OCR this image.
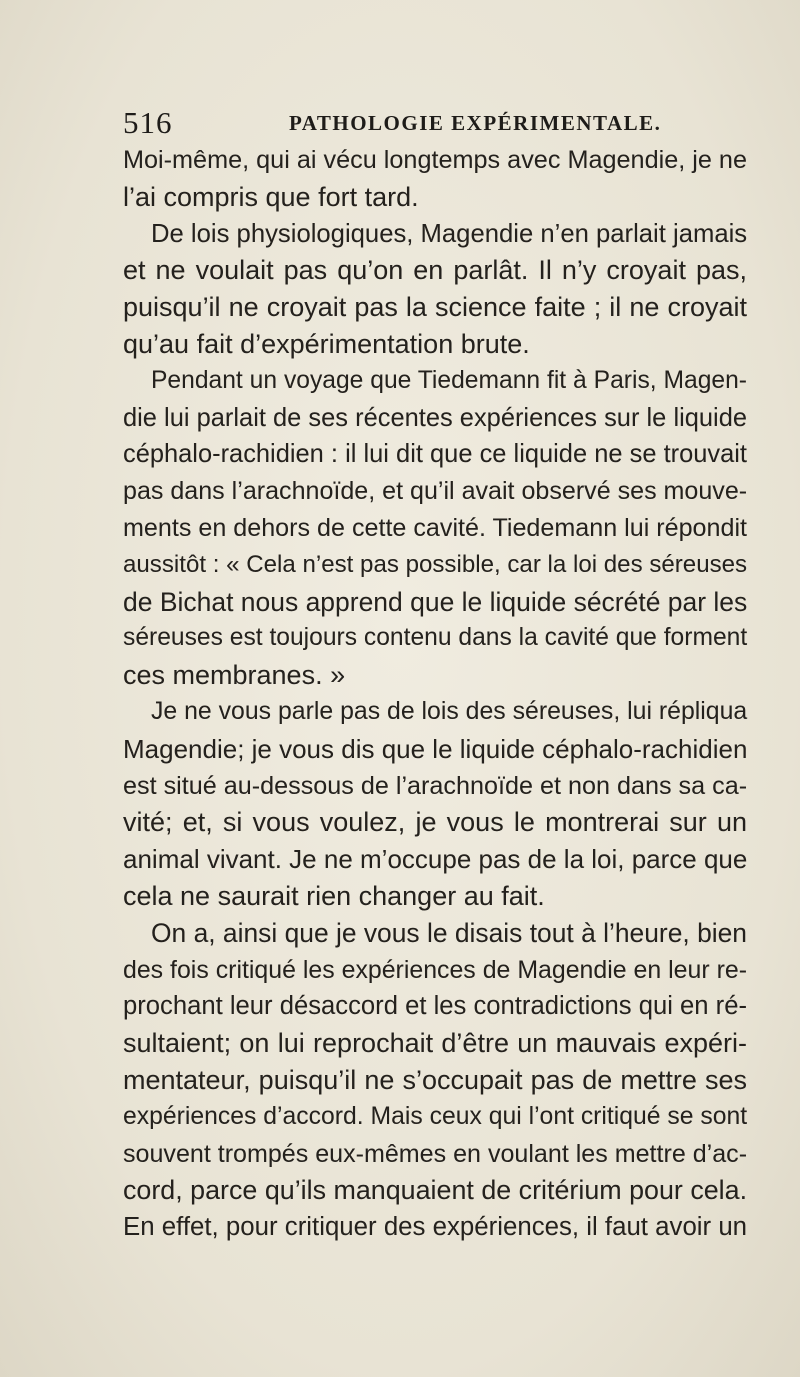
516	PATHOLOGIE EXPÉRIMENTALE.
Moi-même, qui ai vécu longtemps avec Magendie, je ne
l’ai compris que fort tard.
De lois physiologiques, Magendie n’en parlait jamais
et ne voulait pas qu’on en parlât. Il n’y croyait pas,
puisqu’il ne croyait pas la science faite ; il ne croyait
qu’au fait d’expérimentation brute.
Pendant un voyage que Tiedemann fit à Paris, Magen-
die lui parlait de ses récentes expériences sur le liquide
céphalo-rachidien : il lui dit que ce liquide ne se trouvait
pas dans l’arachnoïde, et qu’il avait observé ses mouve-
ments en dehors de cette cavité. Tiedemann lui répondit
aussitôt : « Cela n’est pas possible, car la loi des séreuses
de Bichat nous apprend que le liquide sécrété par les
séreuses est toujours contenu dans la cavité que forment
ces membranes. »
Je ne vous parle pas de lois des séreuses, lui répliqua
Magendie; je vous dis que le liquide céphalo-rachidien
est situé au-dessous de l’arachnoïde et non dans sa ca-
vité; et, si vous voulez, je vous le montrerai sur un
animal vivant. Je ne m’occupe pas de la loi, parce que
cela ne saurait rien changer au fait.
On a, ainsi que je vous le disais tout à l’heure, bien
des fois critiqué les expériences de Magendie en leur re-
prochant leur désaccord et les contradictions qui en ré-
sultaient; on lui reprochait d’être un mauvais expéri-
mentateur, puisqu’il ne s’occupait pas de mettre ses
expériences d’accord. Mais ceux qui l’ont critiqué se sont
souvent trompés eux-mêmes en voulant les mettre d’ac-
cord, parce qu’ils manquaient de critérium pour cela.
En effet, pour critiquer des expériences, il faut avoir un
